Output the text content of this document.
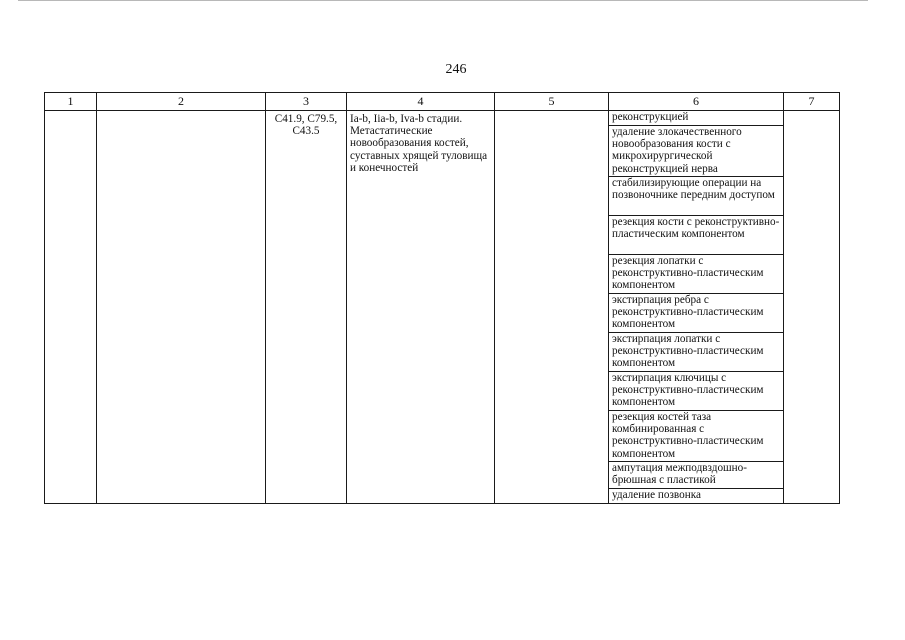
246
1	2	3	4	5	6	7
		C41.9, C79.5, C43.5	Ia-b, Iia-b, Iva-b стадии. Метастатические новообразования костей, суставных хрящей туловища и конечностей		реконструкцией	
					удаление злокачественного новообразования кости с микрохирургической реконструкцией нерва	
					стабилизирующие операции на позвоночнике передним доступом	
					резекция кости с реконструктивно-пластическим компонентом	
					резекция лопатки с реконструктивно-пластическим компонентом	
					экстирпация ребра с реконструктивно-пластическим компонентом	
					экстирпация лопатки с реконструктивно-пластическим компонентом	
					экстирпация ключицы с реконструктивно-пластическим компонентом	
					резекция костей таза комбинированная с реконструктивно-пластическим компонентом	
					ампутация межподвздошно-брюшная с пластикой	
					удаление позвонка	
